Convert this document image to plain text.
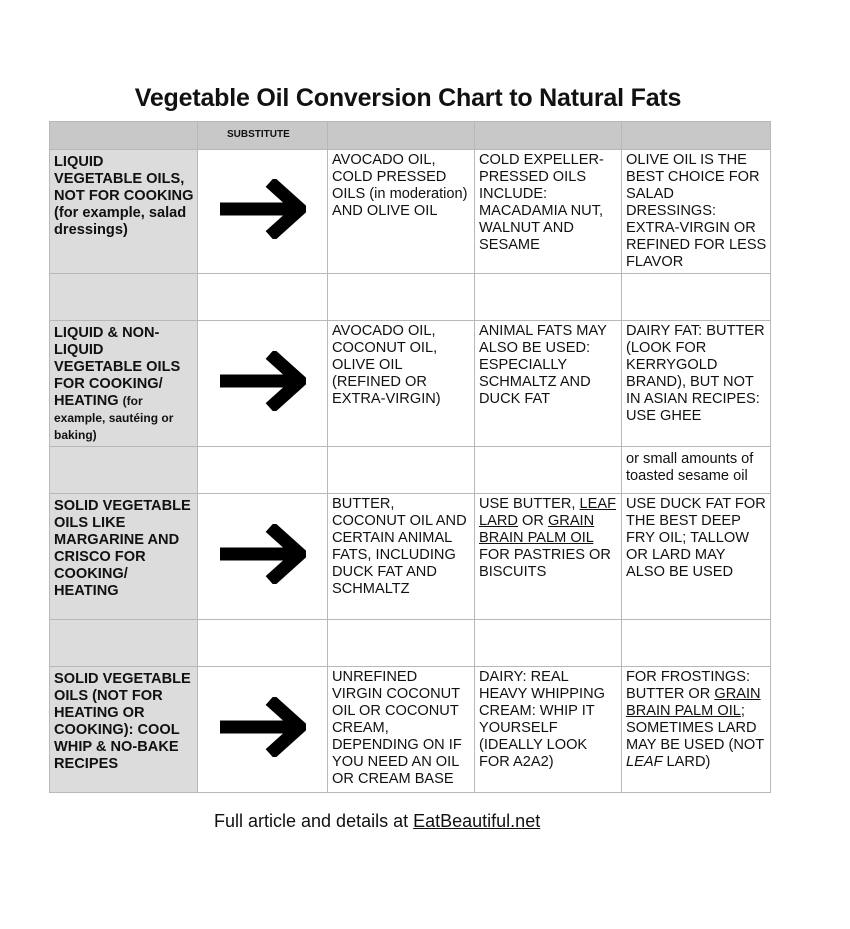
Vegetable Oil Conversion Chart to Natural Fats
	SUBSTITUTE			
LIQUID VEGETABLE OILS, NOT FOR COOKING (for example, salad dressings)		AVOCADO OIL, COLD PRESSED OILS (in moderation) AND OLIVE OIL	COLD EXPELLER-PRESSED OILS INCLUDE: MACADAMIA NUT, WALNUT AND SESAME	OLIVE OIL IS THE BEST CHOICE FOR SALAD DRESSINGS: EXTRA-VIRGIN OR REFINED FOR LESS FLAVOR

LIQUID & NON-LIQUID VEGETABLE OILS FOR COOKING/ HEATING (for example, sautéing or baking)		AVOCADO OIL, COCONUT OIL, OLIVE OIL (REFINED OR EXTRA-VIRGIN)	ANIMAL FATS MAY ALSO BE USED: ESPECIALLY SCHMALTZ AND DUCK FAT	DAIRY FAT: BUTTER (LOOK FOR KERRYGOLD BRAND), BUT NOT IN ASIAN RECIPES: USE GHEE
				or small amounts of toasted sesame oil
SOLID VEGETABLE OILS LIKE MARGARINE AND CRISCO FOR COOKING/ HEATING		BUTTER, COCONUT OIL AND CERTAIN ANIMAL FATS, INCLUDING DUCK FAT AND SCHMALTZ	USE BUTTER, LEAF LARD OR GRAIN BRAIN PALM OIL FOR PASTRIES OR BISCUITS	USE DUCK FAT FOR THE BEST DEEP FRY OIL; TALLOW OR LARD MAY ALSO BE USED

SOLID VEGETABLE OILS (NOT FOR HEATING OR COOKING): COOL WHIP & NO-BAKE RECIPES		UNREFINED VIRGIN COCONUT OIL OR COCONUT CREAM, DEPENDING ON IF YOU NEED AN OIL OR CREAM BASE	DAIRY: REAL HEAVY WHIPPING CREAM: WHIP IT YOURSELF (IDEALLY LOOK FOR A2A2)	FOR FROSTINGS: BUTTER OR GRAIN BRAIN PALM OIL; SOMETIMES LARD MAY BE USED (NOT LEAF LARD)
Full article and details at EatBeautiful.net
